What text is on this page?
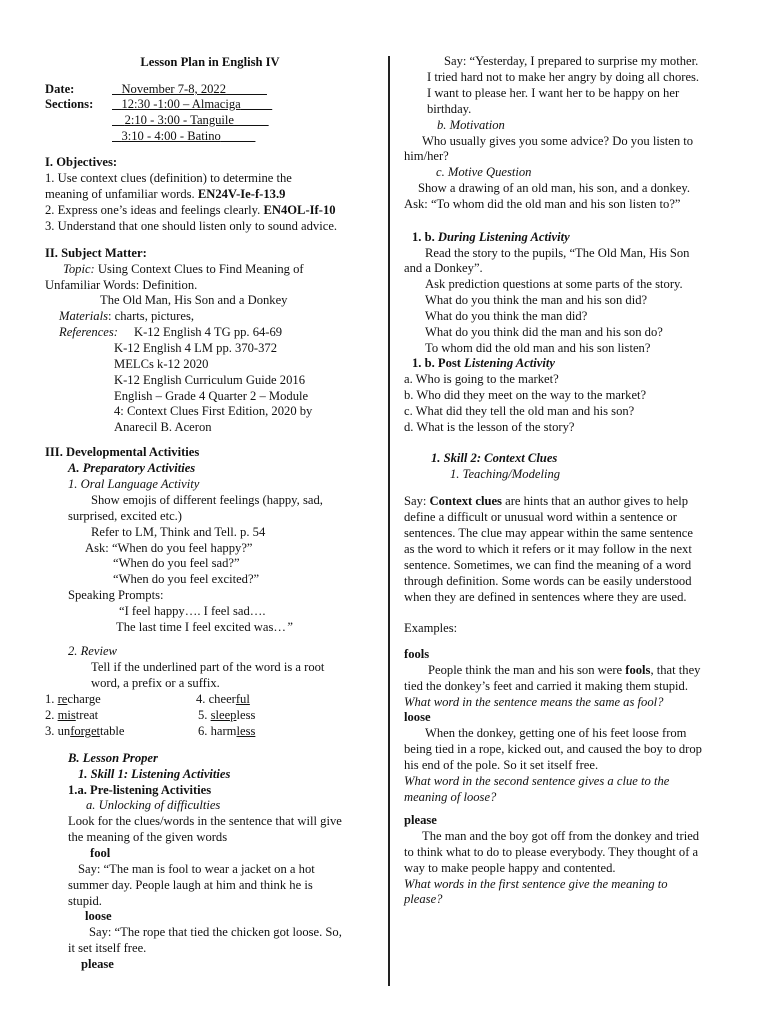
Lesson Plan in English IV
Date:	November 7-8, 2022
Sections:	12:30 -1:00 – Almaciga
2:10 - 3:00 - Tanguile
3:10 - 4:00 - Batino
I. Objectives:
1. Use context clues (definition) to determine the
meaning of unfamiliar words. EN24V-Ie-f-13.9
2. Express one’s ideas and feelings clearly. EN4OL-If-10
3. Understand that one should listen only to sound advice.
II. Subject Matter:
Topic: Using Context Clues to Find Meaning of
Unfamiliar Words: Definition.
The Old Man, His Son and a Donkey
Materials: charts, pictures,
References: K-12 English 4 TG pp. 64-69
K-12 English 4 LM pp. 370-372
MELCs k-12 2020
K-12 English Curriculum Guide 2016
English – Grade 4 Quarter 2 – Module
4: Context Clues First Edition, 2020 by
Anarecil B. Aceron
III. Developmental Activities
A. Preparatory Activities
1. Oral Language Activity
Show emojis of different feelings (happy, sad,
surprised, excited etc.)
Refer to LM, Think and Tell. p. 54
Ask: “When do you feel happy?”
“When do you feel sad?”
“When do you feel excited?”
Speaking Prompts:
“I feel happy…. I feel sad….
The last time I feel excited was…”
2. Review
Tell if the underlined part of the word is a root
word, a prefix or a suffix.
1. recharge
2. mistreat
3. unforgettable
4. cheerful
5. sleepless
6. harmless
B. Lesson Proper
1. Skill 1: Listening Activities
1.a. Pre-listening Activities
a. Unlocking of difficulties
Look for the clues/words in the sentence that will give
the meaning of the given words
fool
Say: “The man is fool to wear a jacket on a hot
summer day. People laugh at him and think he is
stupid.
loose
Say: “The rope that tied the chicken got loose. So,
it set itself free.
please
Say: “Yesterday, I prepared to surprise my mother.
I tried hard not to make her angry by doing all chores.
I want to please her. I want her to be happy on her
birthday.
b. Motivation
Who usually gives you some advice? Do you listen to
him/her?
c. Motive Question
Show a drawing of an old man, his son, and a donkey.
Ask: “To whom did the old man and his son listen to?”
1. b. During Listening Activity
Read the story to the pupils, “The Old Man, His Son
and a Donkey”.
Ask prediction questions at some parts of the story.
What do you think the man and his son did?
What do you think the man did?
What do you think did the man and his son do?
To whom did the old man and his son listen?
1. b. Post Listening Activity
a. Who is going to the market?
b. Who did they meet on the way to the market?
c. What did they tell the old man and his son?
d. What is the lesson of the story?
1. Skill 2: Context Clues
1. Teaching/Modeling
Say: Context clues are hints that an author gives to help
define a difficult or unusual word within a sentence or
sentences. The clue may appear within the same sentence
as the word to which it refers or it may follow in the next
sentence. Sometimes, we can find the meaning of a word
through definition. Some words can be easily understood
when they are defined in sentences where they are used.
Examples:
fools
People think the man and his son were fools, that they
tied the donkey’s feet and carried it making them stupid.
What word in the sentence means the same as fool?
loose
When the donkey, getting one of his feet loose from
being tied in a rope, kicked out, and caused the boy to drop
his end of the pole. So it set itself free.
What word in the second sentence gives a clue to the
meaning of loose?
please
The man and the boy got off from the donkey and tried
to think what to do to please everybody. They thought of a
way to make people happy and contented.
What words in the first sentence give the meaning to
please?
